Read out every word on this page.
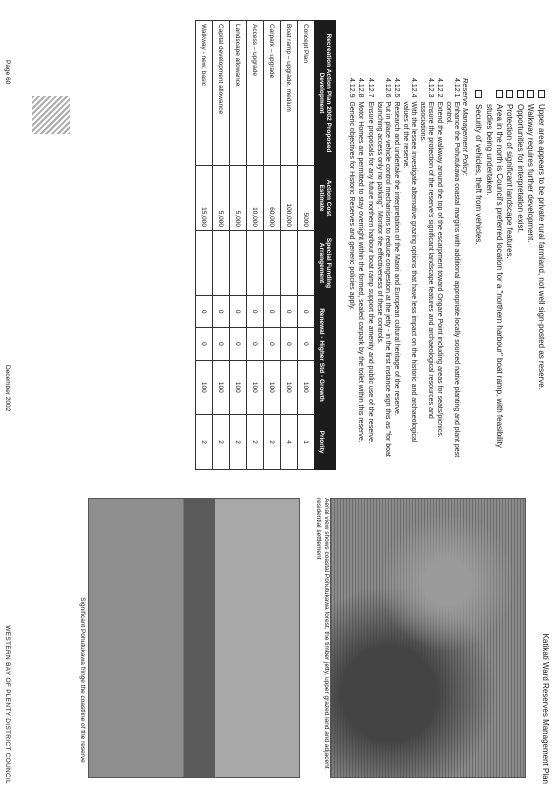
Katikati Ward Reserves Management Plan
Upper area appears to be private rural farmland, not well sign-posted as reserve.
Walkway requires further development.
Opportunities for interpretation exist.
Protection of significant landscape features.
Area in the north is Council's preferred location for a "northern harbour" boat ramp, with feasibility studies being undertaken.
Security of vehicles, theft from vehicles.
Reserve Management Policy:
4.12.1
Enhance the Pohutukawa coastal margins with additional appropriate locally sourced native planting and plant pest control.
4.12.2
Extend the walkway around the top of the escarpment toward Ongare Point including areas for seats/picnics.
4.12.3
Ensure the protection of the reserve's significant landscape features and archaeological resources and associations.
4.12.4
With the lessee investigate alternative grazing options that have less impact on the historic and archaeological values of the reserve.
4.12.5
Research and undertake the interpretation of the Maori and European cultural heritage of the reserve.
4.12.6
Put in place vehicle control mechanisms to reduce congestion at the jetty - in the first instance sign this as "for boat launching access only no parking". Monitor the effectiveness of these controls.
4.12.7
Ensure proposals for any future northern harbour boat ramp support the amenity and public use of the reserve.
4.12.8
Motor Homes are permitted to stay overnight within the formed, sealed carpark by the toilet within this reserve.
4.12.9
Generic objectives for Historic Reserves and generic policies apply.
Recreation Action Plan 2002 Proposed Development	Action Cost Estimate	Special Funding Arrangement	Renewal - Higher Std - Growth			Priority
Concept Plan	5000		0	0	100	1
Boat ramp – upgrade, medium	100,000		0	0	100	4
Carpark – upgrade	60,000		0	0	100	2
Access – upgrade	10,000		0	0	100	2
Landscape allowance	5,000		0	0	100	2
Capital development allowance	5,000		0	0	100	2
Walkway - new, basic	15,000		0	0	100	2
Aerial view shows coastal Pohutukawa forest, the timber jetty, upper grazed land and adjacent residential settlement
Significant Pohutukawa fringe the coastline of the reserve
Page 60
December 2002
WESTERN BAY OF PLENTY DISTRICT COUNCIL
